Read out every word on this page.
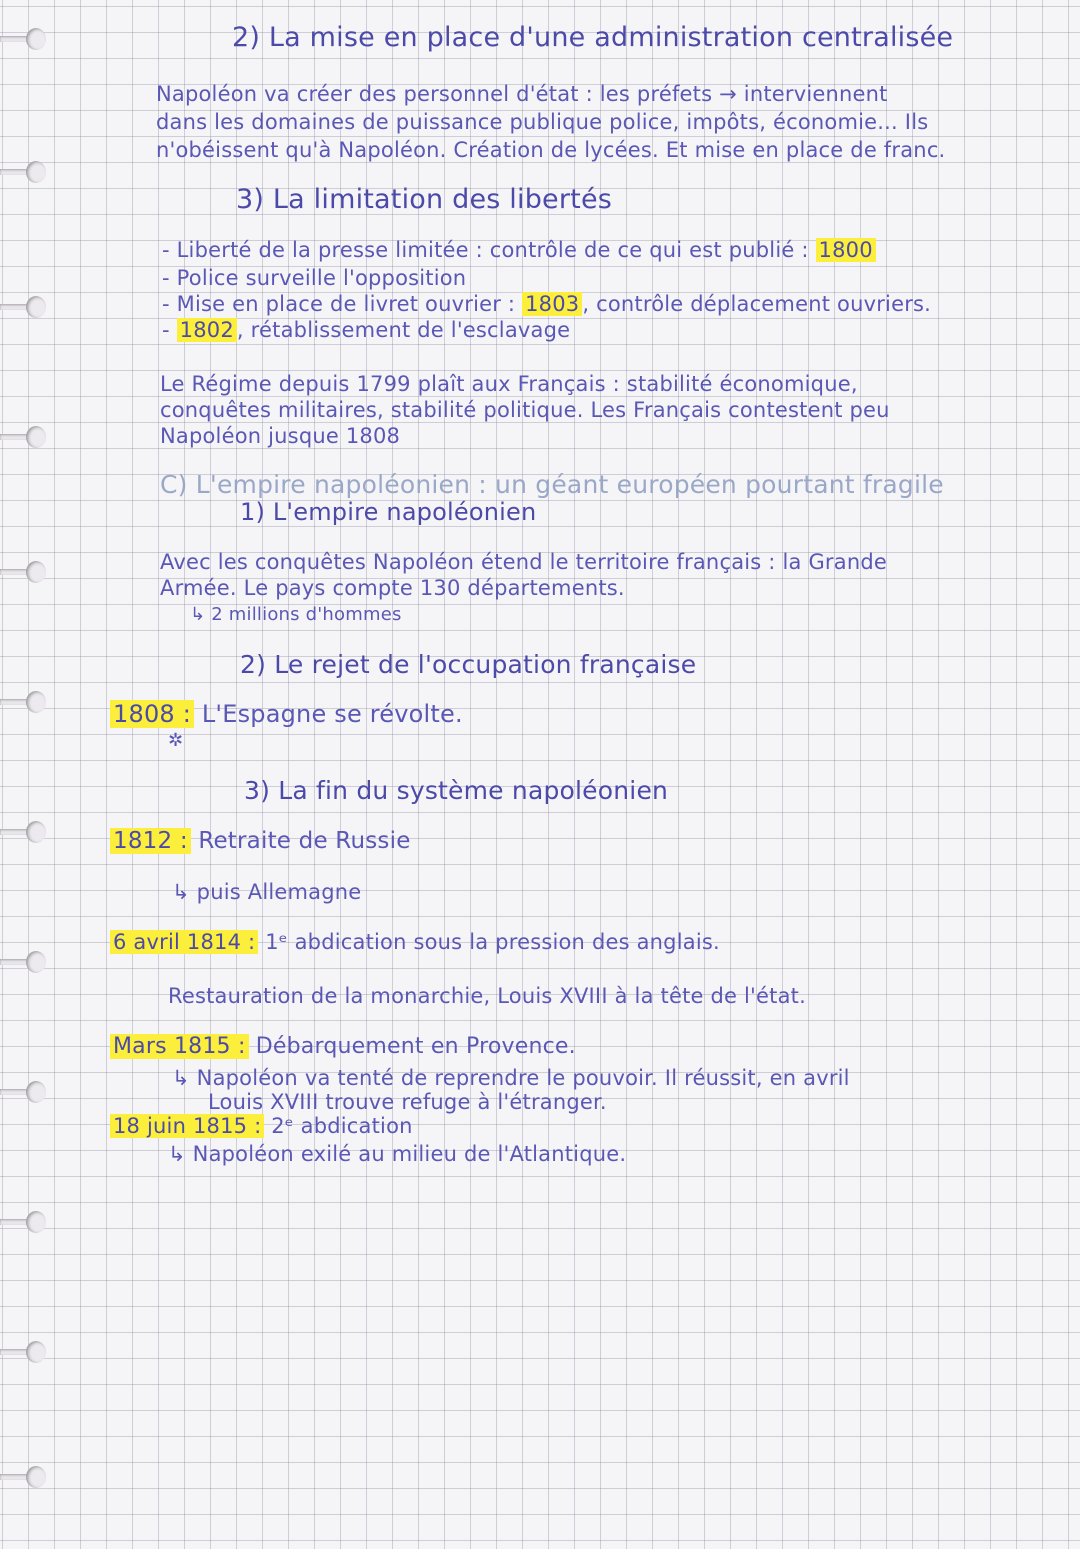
2) La mise en place d'une administration centralisée
Napoléon va créer des personnel d'état : les préfets → interviennent
dans les domaines de puissance publique police, impôts, économie... Ils
n'obéissent qu'à Napoléon. Création de lycées. Et mise en place de franc.
3) La limitation des libertés
- Liberté de la presse limitée : contrôle de ce qui est publié : 1800
- Police surveille l'opposition
- Mise en place de livret ouvrier : 1803 , contrôle déplacement ouvriers.
- 1802 , rétablissement de l'esclavage
Le Régime depuis 1799 plaît aux Français : stabilité économique,
conquêtes militaires, stabilité politique. Les Français contestent peu
Napoléon jusque 1808
C) L'empire napoléonien : un géant européen pourtant fragile
1) L'empire napoléonien
Avec les conquêtes Napoléon étend le territoire français : la Grande
Armée. Le pays compte 130 départements.
↳ 2 millions d'hommes
2) Le rejet de l'occupation française
1808 : L'Espagne se révolte.
✲
3) La fin du système napoléonien
1812 : Retraite de Russie
↳ puis Allemagne
6 avril 1814 : 1ᵉ abdication sous la pression des anglais.
Restauration de la monarchie, Louis XVIII à la tête de l'état.
Mars 1815 : Débarquement en Provence.
↳ Napoléon va tenté de reprendre le pouvoir. Il réussit, en avril
Louis XVIII trouve refuge à l'étranger.
18 juin 1815 : 2ᵉ abdication
↳ Napoléon exilé au milieu de l'Atlantique.
